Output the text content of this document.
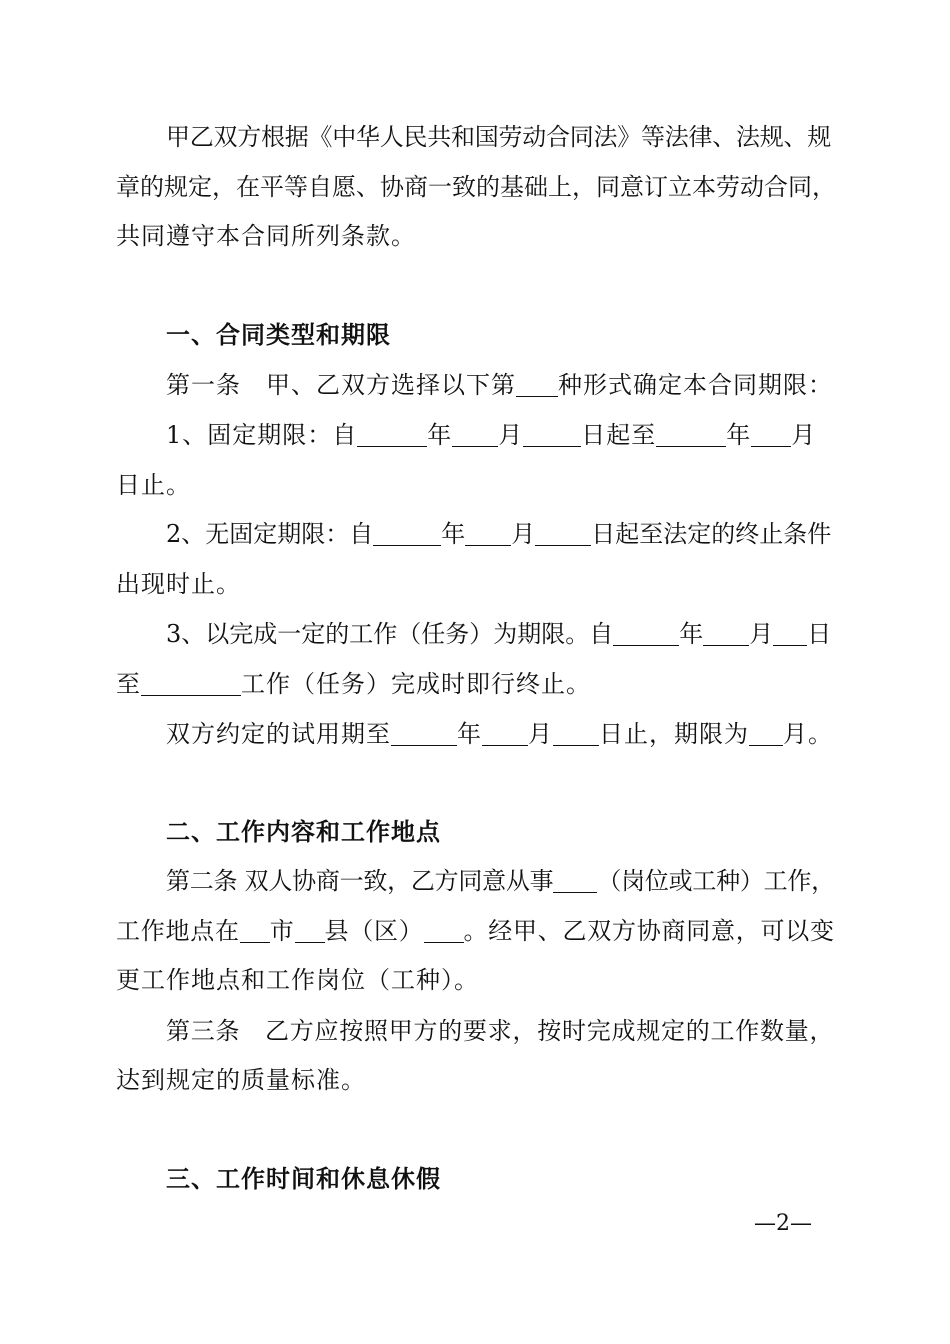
甲乙双方根据《中华人民共和国劳动合同法》等法律、法规、规
章的规定，在平等自愿、协商一致的基础上，同意订立本劳动合同，
共同遵守本合同所列条款。
一、合同类型和期限
第一条　甲、乙双方选择以下第 种形式确定本合同期限：
1、固定期限：自	年 月 日起至	年 月
日止。
2、无固定期限：自	年 月 日起至法定的终止条件
出现时止。
3、以完成一定的工作（任务）为期限。自	年 月 日
至	工作（任务）完成时即行终止。
双方约定的试用期至	年 月 日止，期限为 月。
二、工作内容和工作地点
第二条 双人协商一致，乙方同意从事 （岗位或工种）工作，
工作地点在 市 县（区） 。经甲、乙双方协商同意，可以变
更工作地点和工作岗位（工种）。
第三条　乙方应按照甲方的要求，按时完成规定的工作数量，
达到规定的质量标准。
三、工作时间和休息休假
—2—
